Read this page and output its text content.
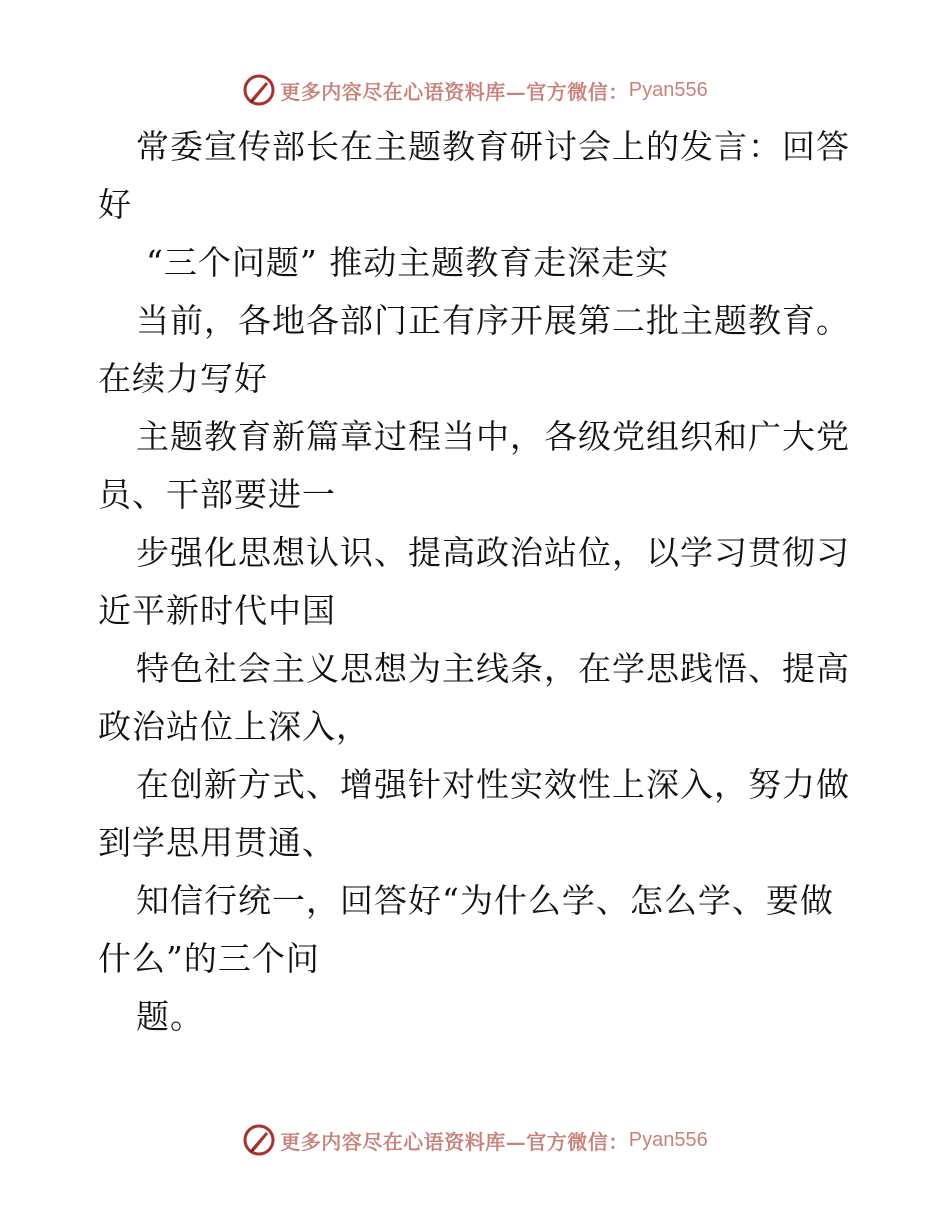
更多内容尽在心语资料库—官方微信： Pyan556
常委宣传部长在主题教育研讨会上的发言：回答
好
“三个问题” 推动主题教育走深走实
当前，各地各部门正有序开展第二批主题教育。
在续力写好
主题教育新篇章过程当中，各级党组织和广大党
员、干部要进一
步强化思想认识、提高政治站位，以学习贯彻习
近平新时代中国
特色社会主义思想为主线条，在学思践悟、提高
政治站位上深入，
在创新方式、增强针对性实效性上深入，努力做
到学思用贯通、
知信行统一，回答好“为什么学、怎么学、要做
什么”的三个问
题。
更多内容尽在心语资料库—官方微信： Pyan556
